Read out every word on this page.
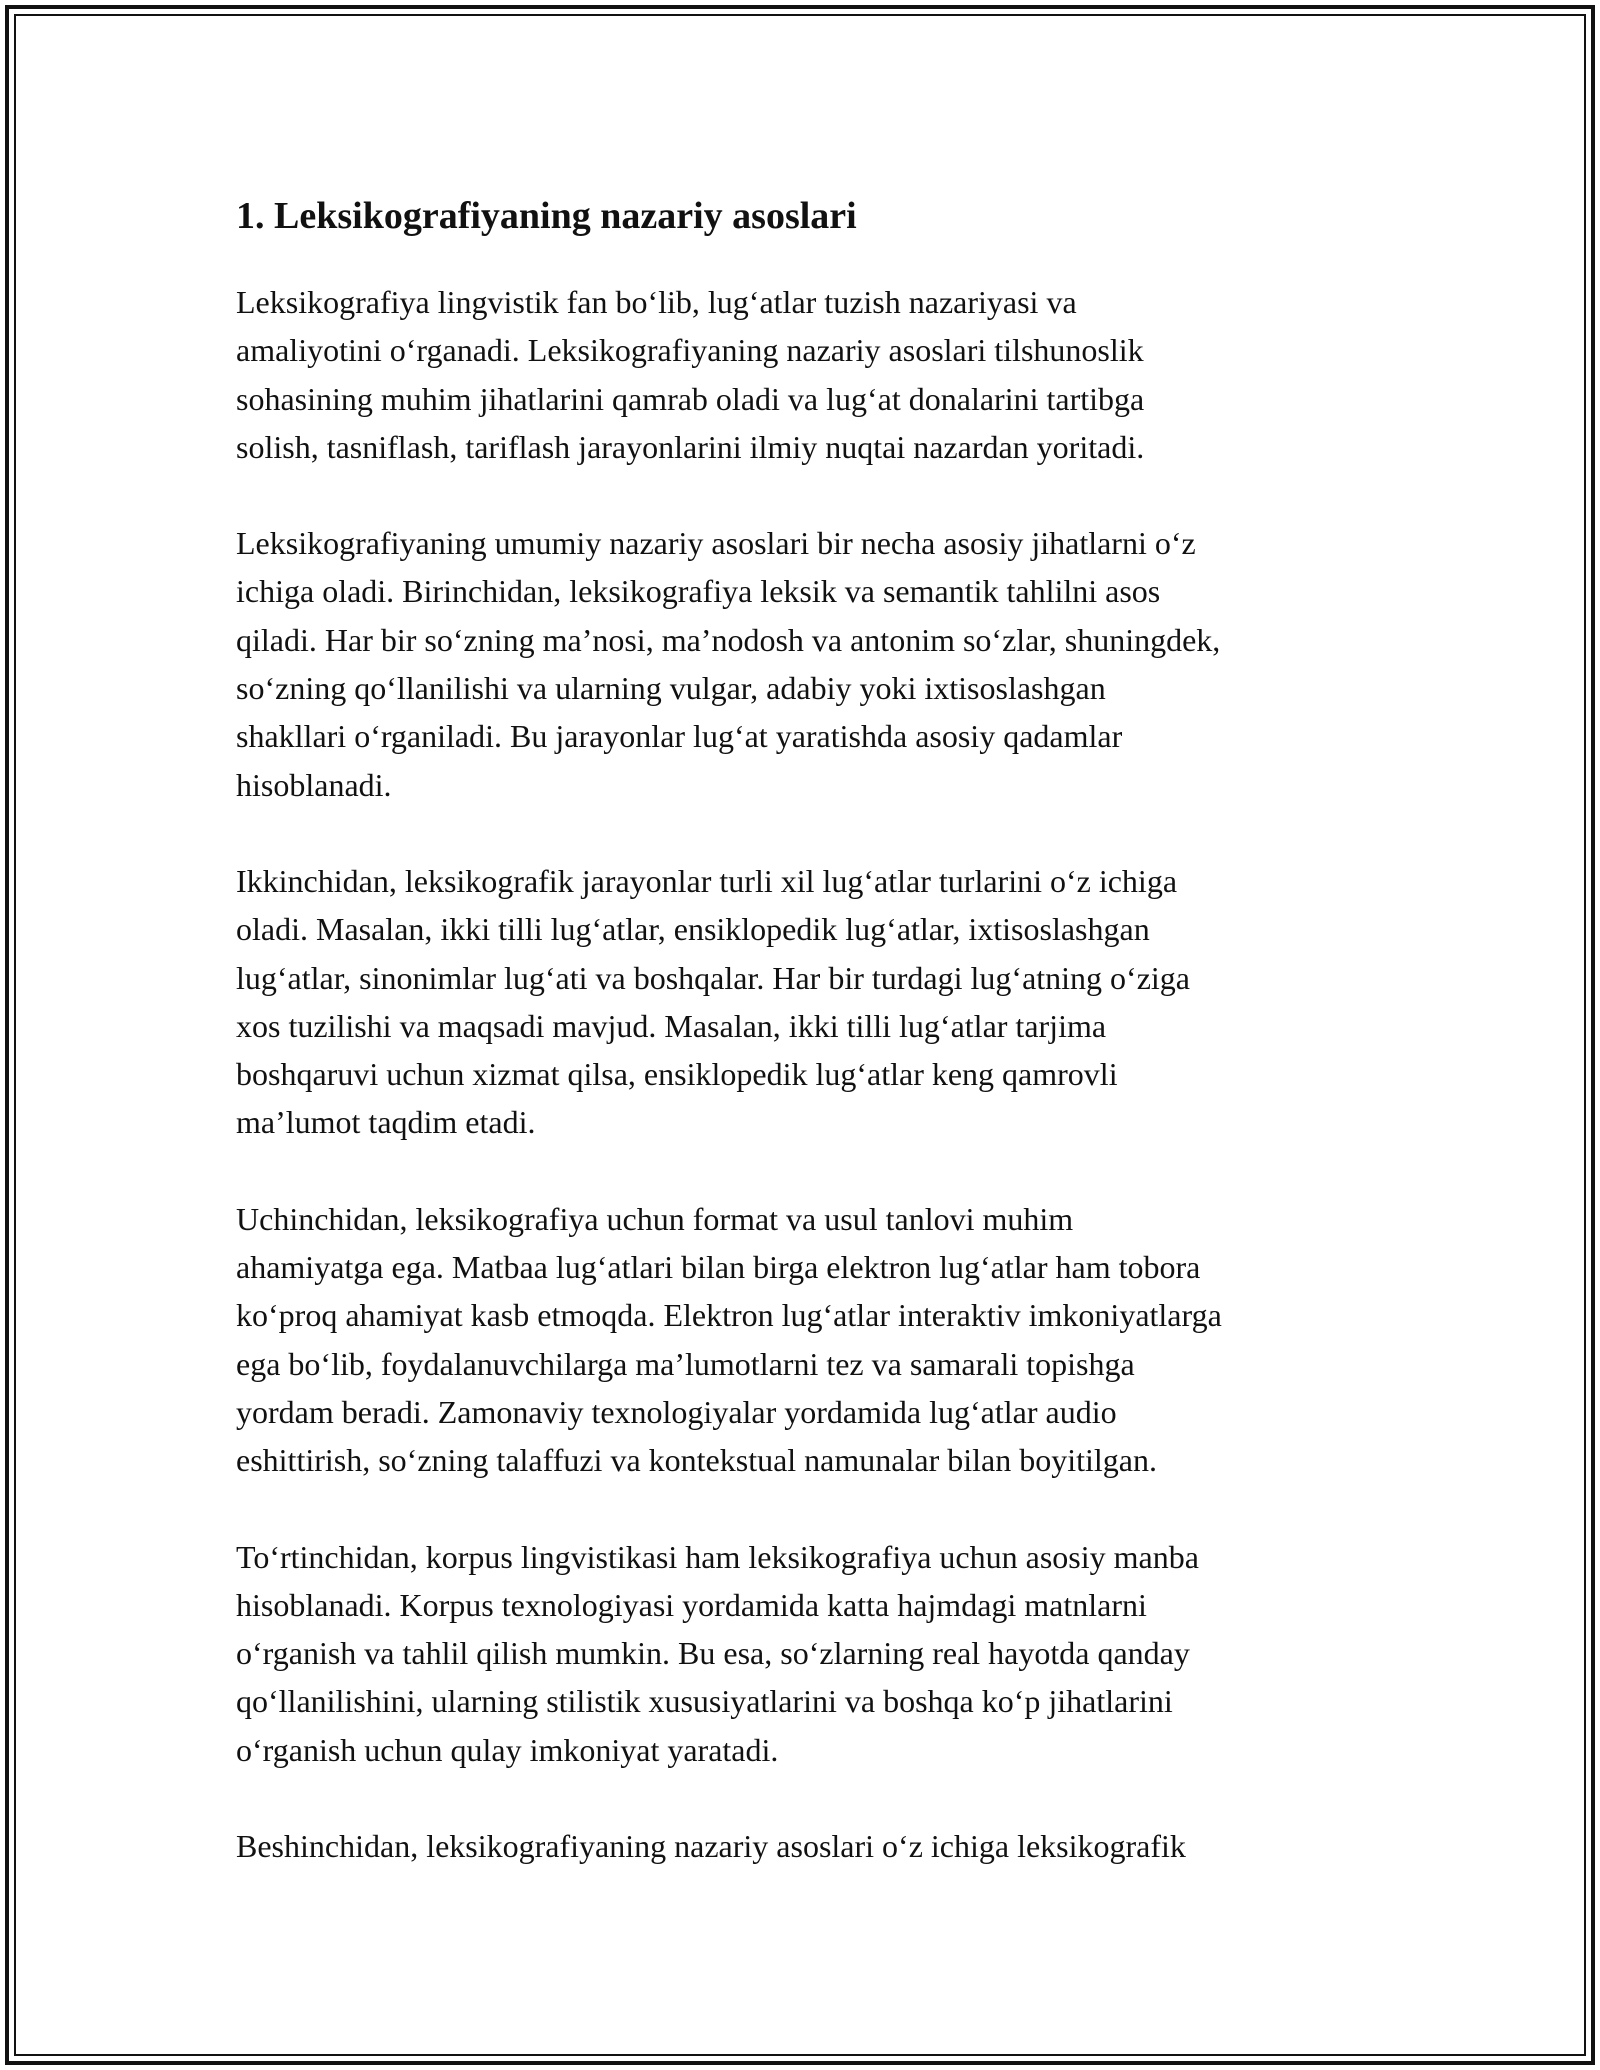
1. Leksikografiyaning nazariy asoslari

Leksikografiya lingvistik fan bo‘lib, lug‘atlar tuzish nazariyasi va
amaliyotini o‘rganadi. Leksikografiyaning nazariy asoslari tilshunoslik
sohasining muhim jihatlarini qamrab oladi va lug‘at donalarini tartibga
solish, tasniflash, tariflash jarayonlarini ilmiy nuqtai nazardan yoritadi.

Leksikografiyaning umumiy nazariy asoslari bir necha asosiy jihatlarni o‘z
ichiga oladi. Birinchidan, leksikografiya leksik va semantik tahlilni asos
qiladi. Har bir so‘zning ma’nosi, ma’nodosh va antonim so‘zlar, shuningdek,
so‘zning qo‘llanilishi va ularning vulgar, adabiy yoki ixtisoslashgan
shakllari o‘rganiladi. Bu jarayonlar lug‘at yaratishda asosiy qadamlar
hisoblanadi.

Ikkinchidan, leksikografik jarayonlar turli xil lug‘atlar turlarini o‘z ichiga
oladi. Masalan, ikki tilli lug‘atlar, ensiklopedik lug‘atlar, ixtisoslashgan
lug‘atlar, sinonimlar lug‘ati va boshqalar. Har bir turdagi lug‘atning o‘ziga
xos tuzilishi va maqsadi mavjud. Masalan, ikki tilli lug‘atlar tarjima
boshqaruvi uchun xizmat qilsa, ensiklopedik lug‘atlar keng qamrovli
ma’lumot taqdim etadi.

Uchinchidan, leksikografiya uchun format va usul tanlovi muhim
ahamiyatga ega. Matbaa lug‘atlari bilan birga elektron lug‘atlar ham tobora
ko‘proq ahamiyat kasb etmoqda. Elektron lug‘atlar interaktiv imkoniyatlarga
ega bo‘lib, foydalanuvchilarga ma’lumotlarni tez va samarali topishga
yordam beradi. Zamonaviy texnologiyalar yordamida lug‘atlar audio
eshittirish, so‘zning talaffuzi va kontekstual namunalar bilan boyitilgan.

To‘rtinchidan, korpus lingvistikasi ham leksikografiya uchun asosiy manba
hisoblanadi. Korpus texnologiyasi yordamida katta hajmdagi matnlarni
o‘rganish va tahlil qilish mumkin. Bu esa, so‘zlarning real hayotda qanday
qo‘llanilishini, ularning stilistik xususiyatlarini va boshqa ko‘p jihatlarini
o‘rganish uchun qulay imkoniyat yaratadi.

Beshinchidan, leksikografiyaning nazariy asoslari o‘z ichiga leksikografik
